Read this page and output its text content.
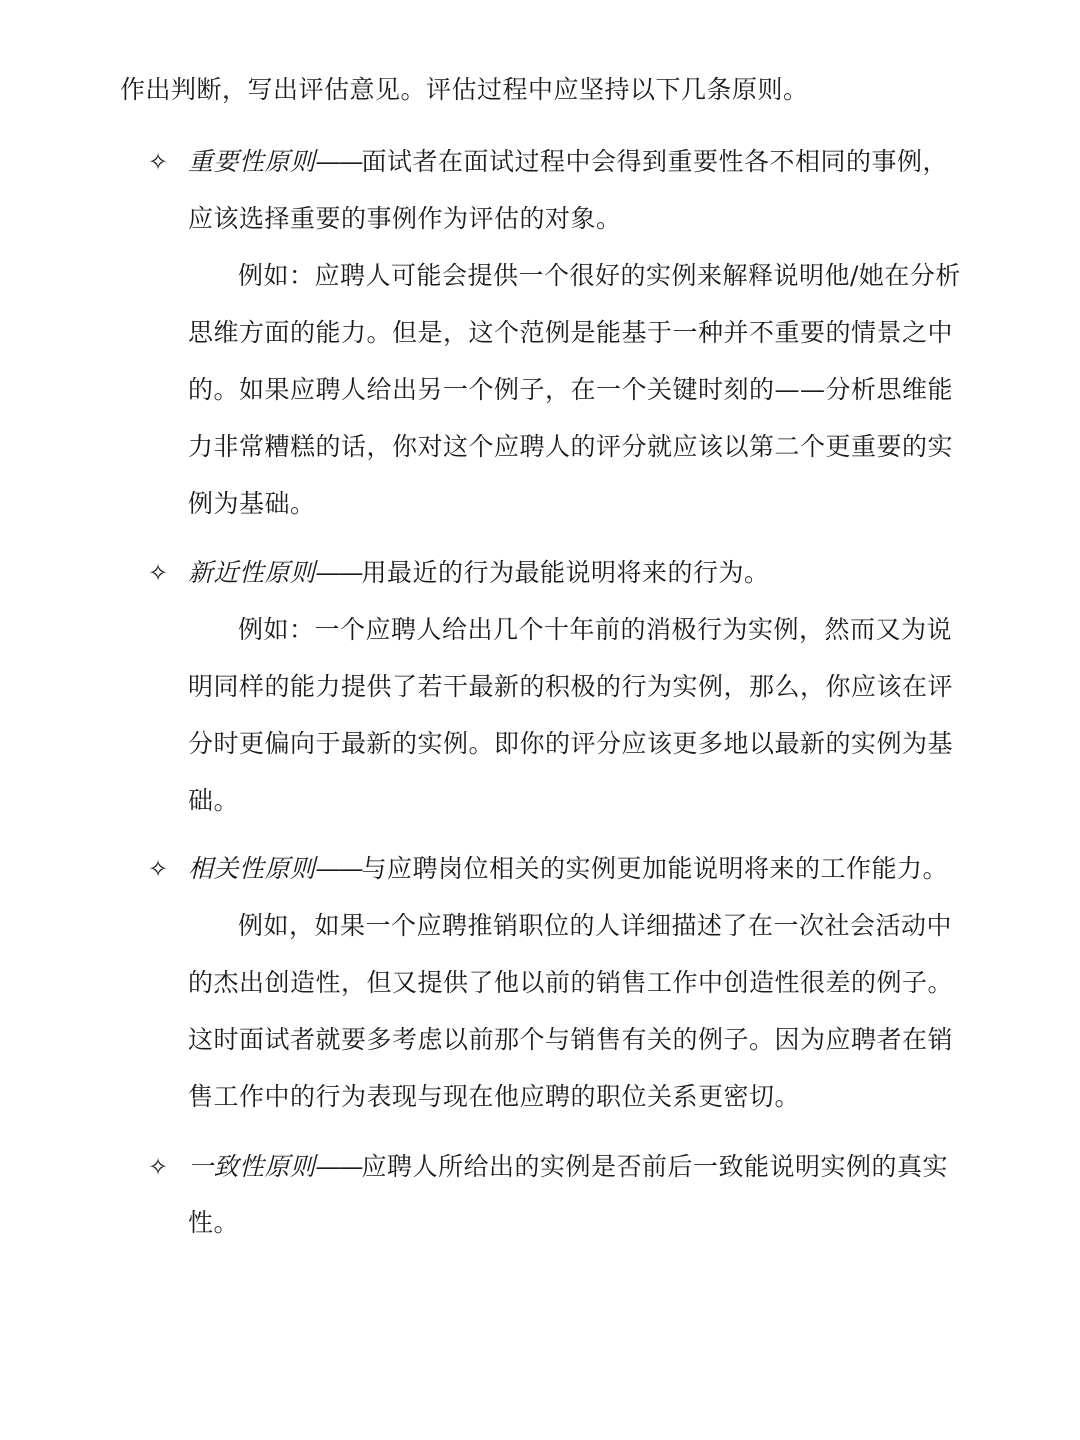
作出判断，写出评估意见。评估过程中应坚持以下几条原则。
✧ 重要性原则——面试者在面试过程中会得到重要性各不相同的事例，
应该选择重要的事例作为评估的对象。
例如：应聘人可能会提供一个很好的实例来解释说明他/她在分析
思维方面的能力。但是，这个范例是能基于一种并不重要的情景之中
的。如果应聘人给出另一个例子，在一个关键时刻的——分析思维能
力非常糟糕的话，你对这个应聘人的评分就应该以第二个更重要的实
例为基础。
✧ 新近性原则——用最近的行为最能说明将来的行为。
例如：一个应聘人给出几个十年前的消极行为实例，然而又为说
明同样的能力提供了若干最新的积极的行为实例，那么，你应该在评
分时更偏向于最新的实例。即你的评分应该更多地以最新的实例为基
础。
✧ 相关性原则——与应聘岗位相关的实例更加能说明将来的工作能力。
例如，如果一个应聘推销职位的人详细描述了在一次社会活动中
的杰出创造性，但又提供了他以前的销售工作中创造性很差的例子。
这时面试者就要多考虑以前那个与销售有关的例子。因为应聘者在销
售工作中的行为表现与现在他应聘的职位关系更密切。
✧ 一致性原则——应聘人所给出的实例是否前后一致能说明实例的真实
性。
